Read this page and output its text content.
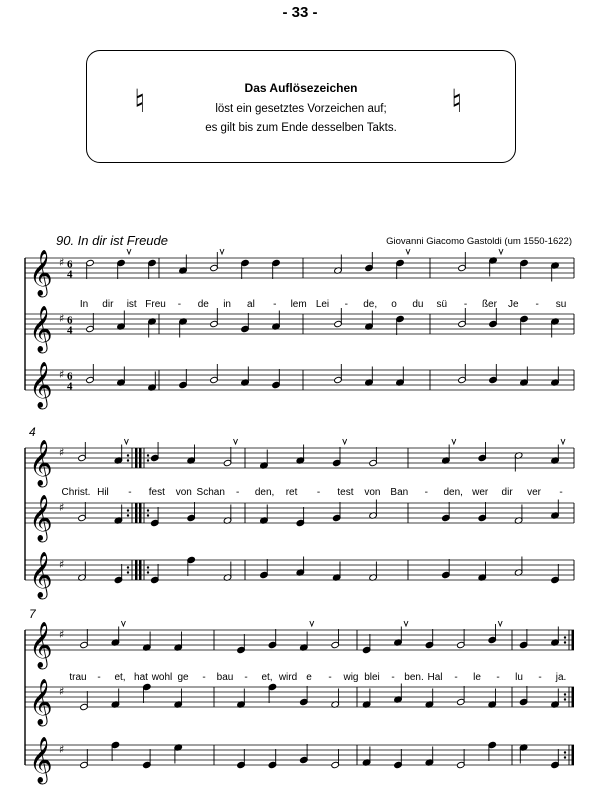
- 33 -
♮	♮
Das Auflösezeichen
löst ein gesetztes Vorzeichen auf;
es gilt bis zum Ende desselben Takts.
90. In dir ist Freude	Giovanni Giacomo Gastoldi (um 1550-1622)
𝄞 ♯ 6
4
𝄞 ♯ 6
4
𝄞 ♯ 6
4
In dir ist Freu - de in al - lem Lei - de, o du sü - ßer Je - su
𝄞 ♯
𝄞 ♯
𝄞 ♯
4
Christ. Hil - fest von Schan - den, ret - test von Ban - den, wer dir ver -
𝄞 ♯
𝄞 ♯
𝄞 ♯
7
trau - et, hat wohl ge - bau - et, wird e - wig blei - ben. Hal - le - lu - ja.
